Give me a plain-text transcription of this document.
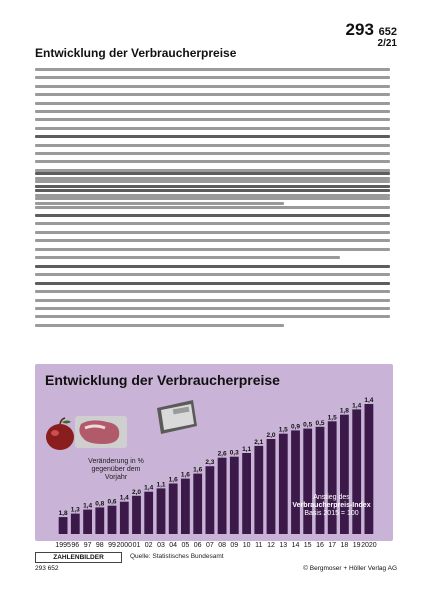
293 652
2/21
Entwicklung der Verbraucherpreise
Entwicklung der Verbraucherpreise
1,8
1,3
1,4 0,8 0,6
1,4
2,0
1,4 1,1
1,6
1,6
1,6
2,3
2,6 0,3
1,1
2,1
2,0
1,5 0,9 0,5 0,5
1,5
1,8
1,4
1,4
Veränderung in % gegenüber dem Vorjahr
Anstieg des
Verbraucherpreis-Index
Basis 2015 = 100
1995 96 97 98 99 2000 01 02 03 04 05 06 07 08 09 10 11 12 13 14 15 16 17 18 19 2020
ZAHLENBILDER	Quelle: Statistisches Bundesamt
293 652	© Bergmoser + Höller Verlag AG
